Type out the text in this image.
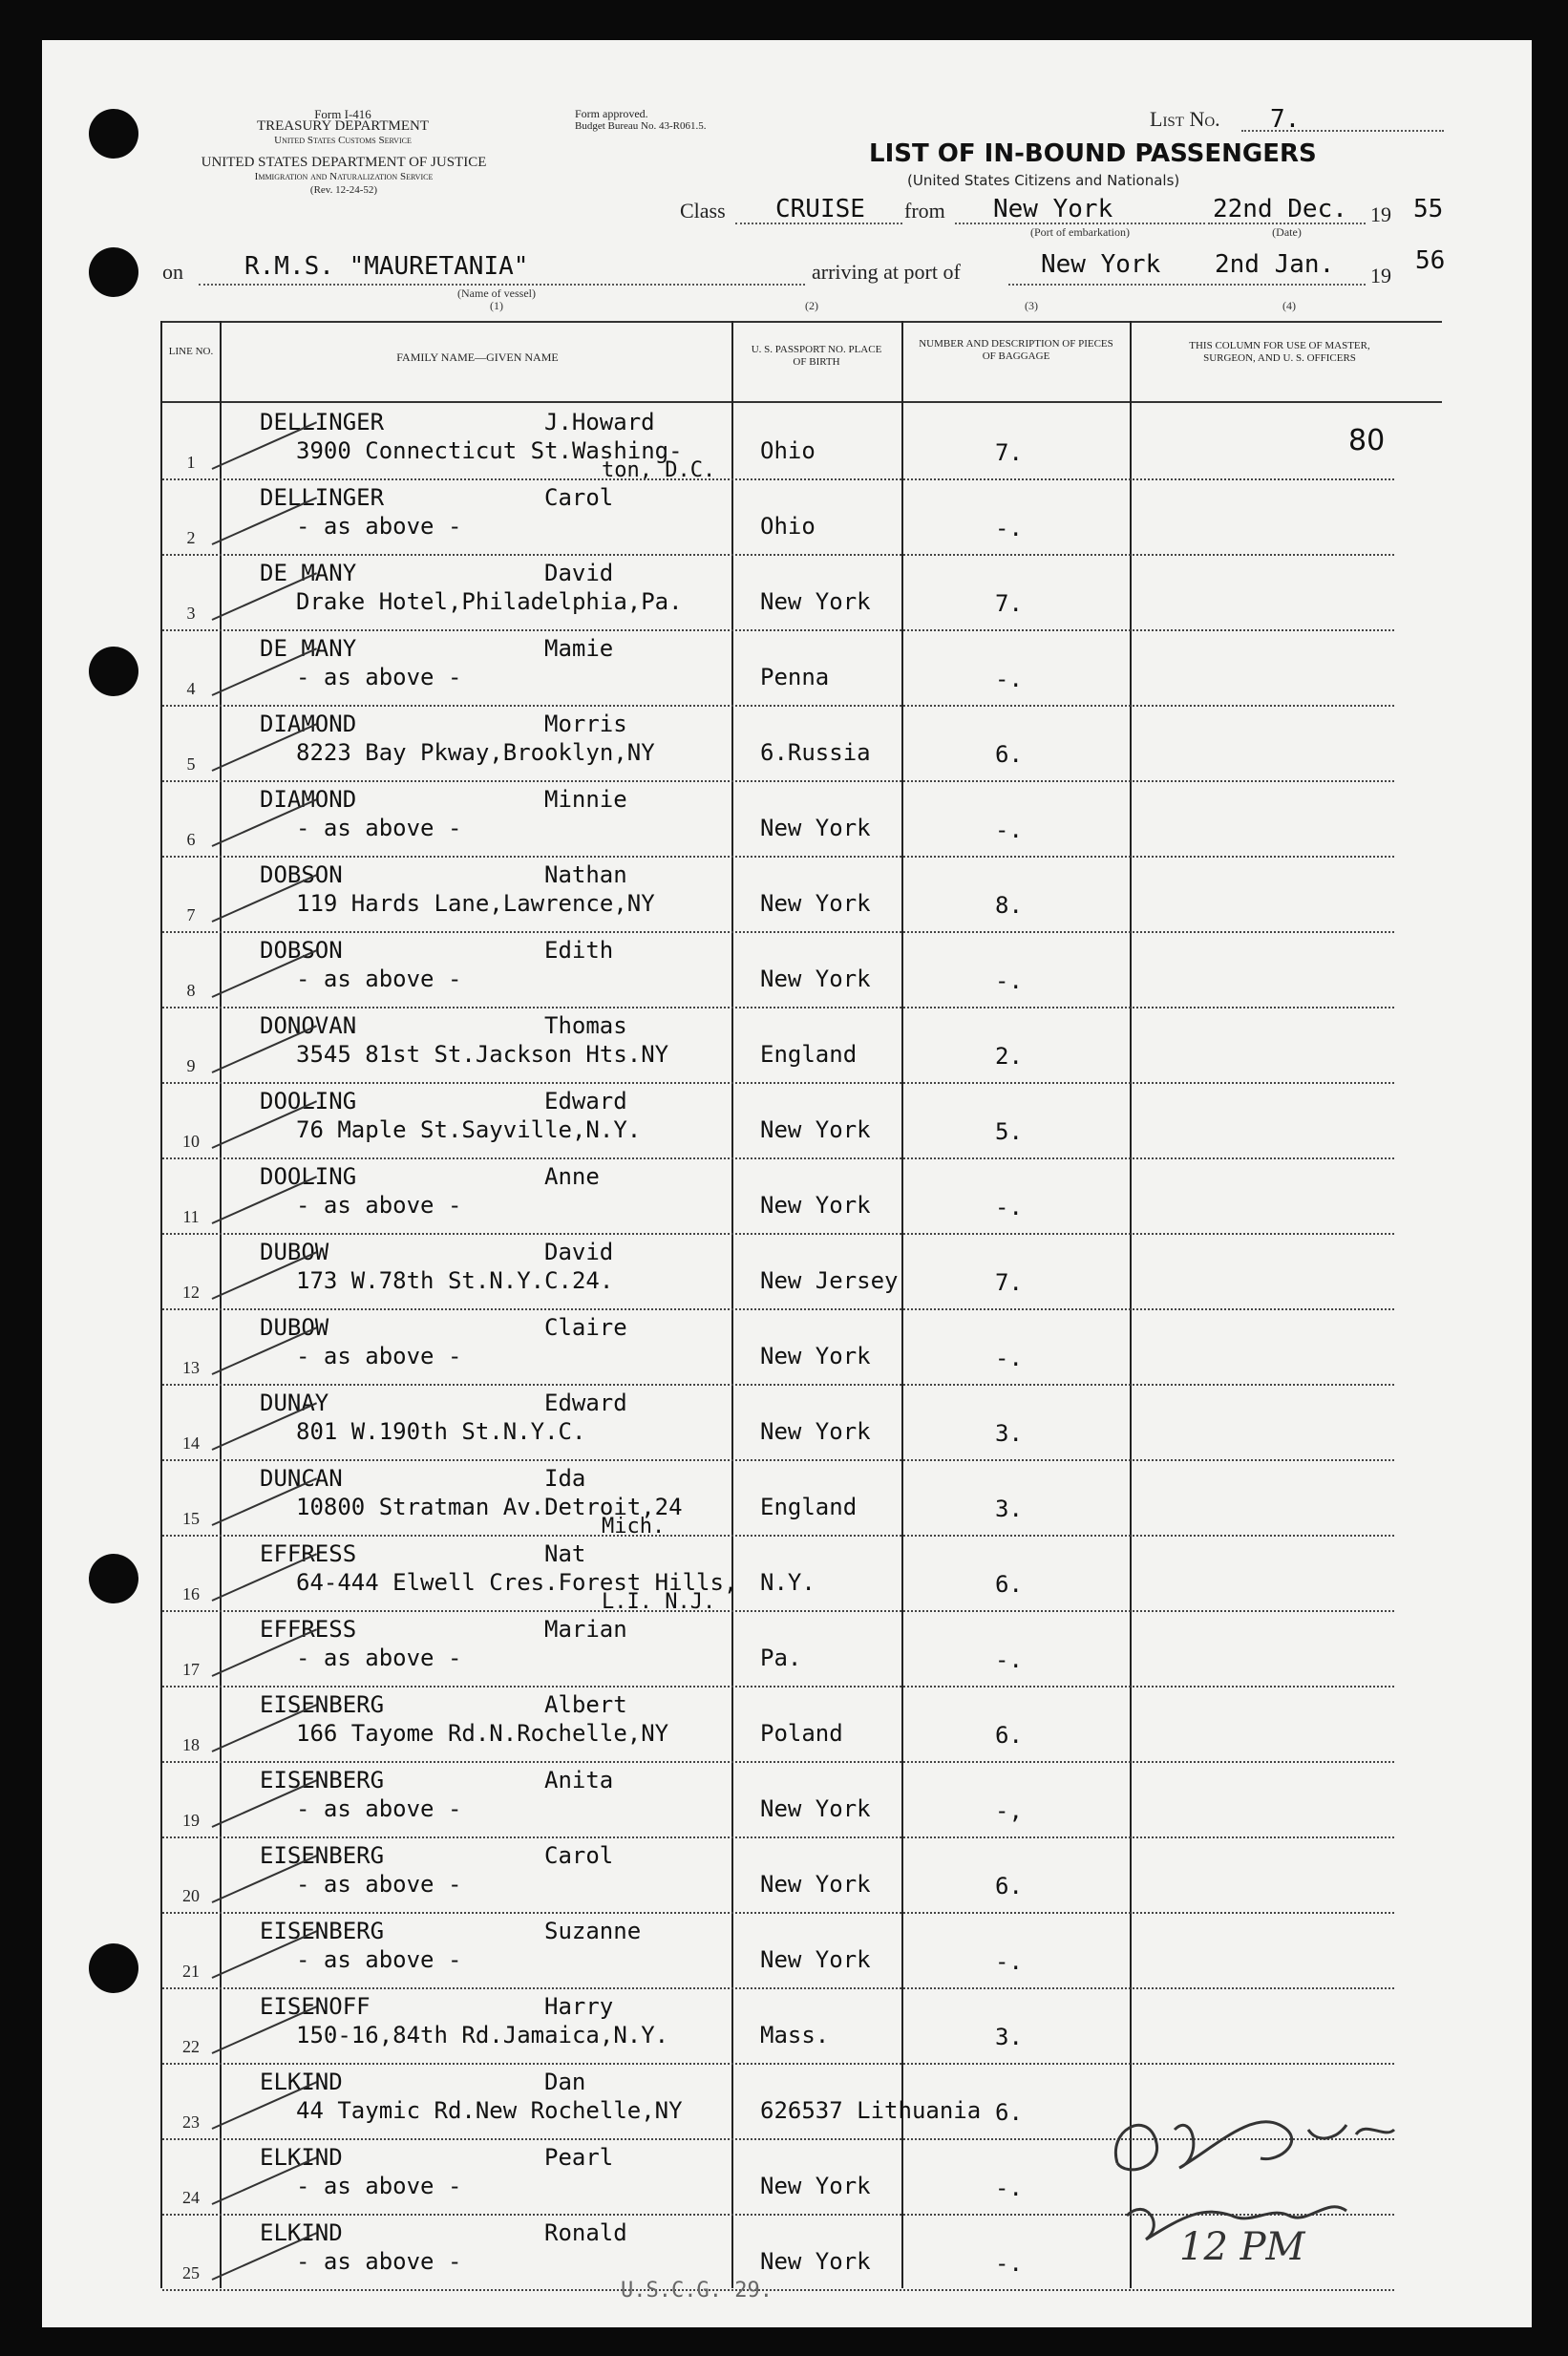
Form I-416
TREASURY DEPARTMENT
United States Customs Service
UNITED STATES DEPARTMENT OF JUSTICE
Immigration and Naturalization Service
(Rev. 12-24-52)
Form approved.
Budget Bureau No. 43-R061.5.	List No. 7.
LIST OF IN-BOUND PASSENGERS
(United States Citizens and Nationals)
Class CRUISE from New York
(Port of embarkation)
22nd Dec.
(Date)
19 55
on R.M.S. "MAURETANIA"
(Name of vessel)
(1)
arriving at port of	New York 2nd Jan. 19
56
(2)	(3)	(4)
LINE NO.	FAMILY NAME—GIVEN NAME
U. S. PASSPORT NO. PLACE OF BIRTH
NUMBER AND DESCRIPTION OF PIECES OF BAGGAGE
THIS COLUMN FOR USE OF MASTER, SURGEON, AND U. S. OFFICERS
DELLINGER	J.Howard
3900 Connecticut St.Washing-
ton, D.C.
Ohio	7.	80
1
DELLINGER	Carol
- as above -	Ohio	-.
2
DE MANY	David
Drake Hotel,Philadelphia,Pa.	New York	7.
3
DE MANY	Mamie
- as above -	Penna	-.
4
DIAMOND	Morris
8223 Bay Pkway,Brooklyn,NY	6.Russia	6.
5
DIAMOND	Minnie
- as above -	New York	-.
6
DOBSON	Nathan
119 Hards Lane,Lawrence,NY	New York	8.
7
DOBSON	Edith
- as above -	New York	-.
8
DONOVAN	Thomas
3545 81st St.Jackson Hts.NY	England	2.
9
DOOLING	Edward
76 Maple St.Sayville,N.Y.	New York	5.
10
DOOLING	Anne
- as above -	New York	-.
11
DUBOW	David
173 W.78th St.N.Y.C.24.	New Jersey	7.
12
DUBOW	Claire
- as above -	New York	-.
13
DUNAY	Edward
801 W.190th St.N.Y.C.	New York	3.
14
DUNCAN	Ida
10800 Stratman Av.Detroit,24
Mich.
England	3.
15
EFFRESS	Nat
64-444 Elwell Cres.Forest Hills,
L.I. N.J.
N.Y.	6.
16
EFFRESS	Marian
- as above -	Pa.	-.
17
EISENBERG	Albert
166 Tayome Rd.N.Rochelle,NY	Poland	6.
18
EISENBERG	Anita
- as above -	New York	-,
19
EISENBERG	Carol
- as above -	New York	6.
20
EISENBERG	Suzanne
- as above -	New York	-.
21
EISENOFF	Harry
150-16,84th Rd.Jamaica,N.Y.	Mass.	3.
22
ELKIND	Dan
44 Taymic Rd.New Rochelle,NY	626537 Lithuania 6.
23
ELKIND	Pearl
- as above -	New York	-.
24
ELKIND	Ronald
- as above -	New York	-.
25
U.S.C.G. 29.
12 PM
